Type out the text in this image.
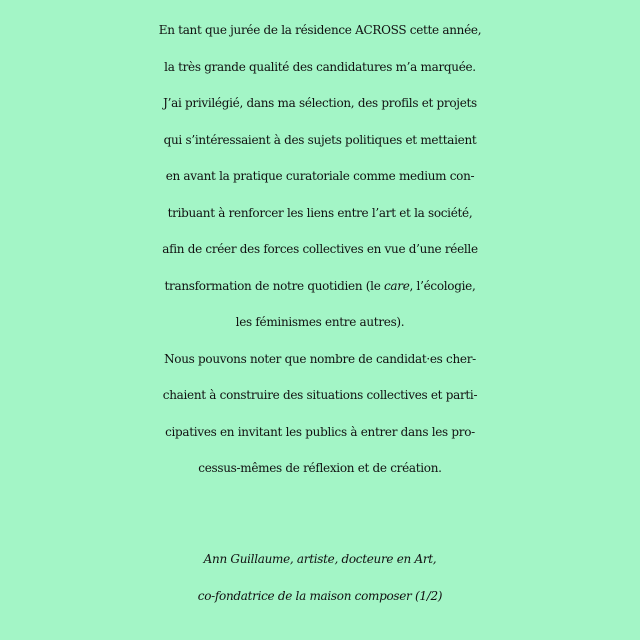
En tant que jurée de la résidence ACROSS cette année,
la très grande qualité des candidatures m’a marquée.
J’ai privilégié, dans ma sélection, des profils et projets
qui s’intéressaient à des sujets politiques et mettaient
en avant la pratique curatoriale comme medium con-
tribuant à renforcer les liens entre l’art et la société,
afin de créer des forces collectives en vue d’une réelle
transformation de notre quotidien (le care, l’écologie,
les féminismes entre autres).
Nous pouvons noter que nombre de candidat·es cher-
chaient à construire des situations collectives et parti-
cipatives en invitant les publics à entrer dans les pro-
cessus-mêmes de réflexion et de création.
Ann Guillaume, artiste, docteure en Art,
co-fondatrice de la maison composer (1/2)
